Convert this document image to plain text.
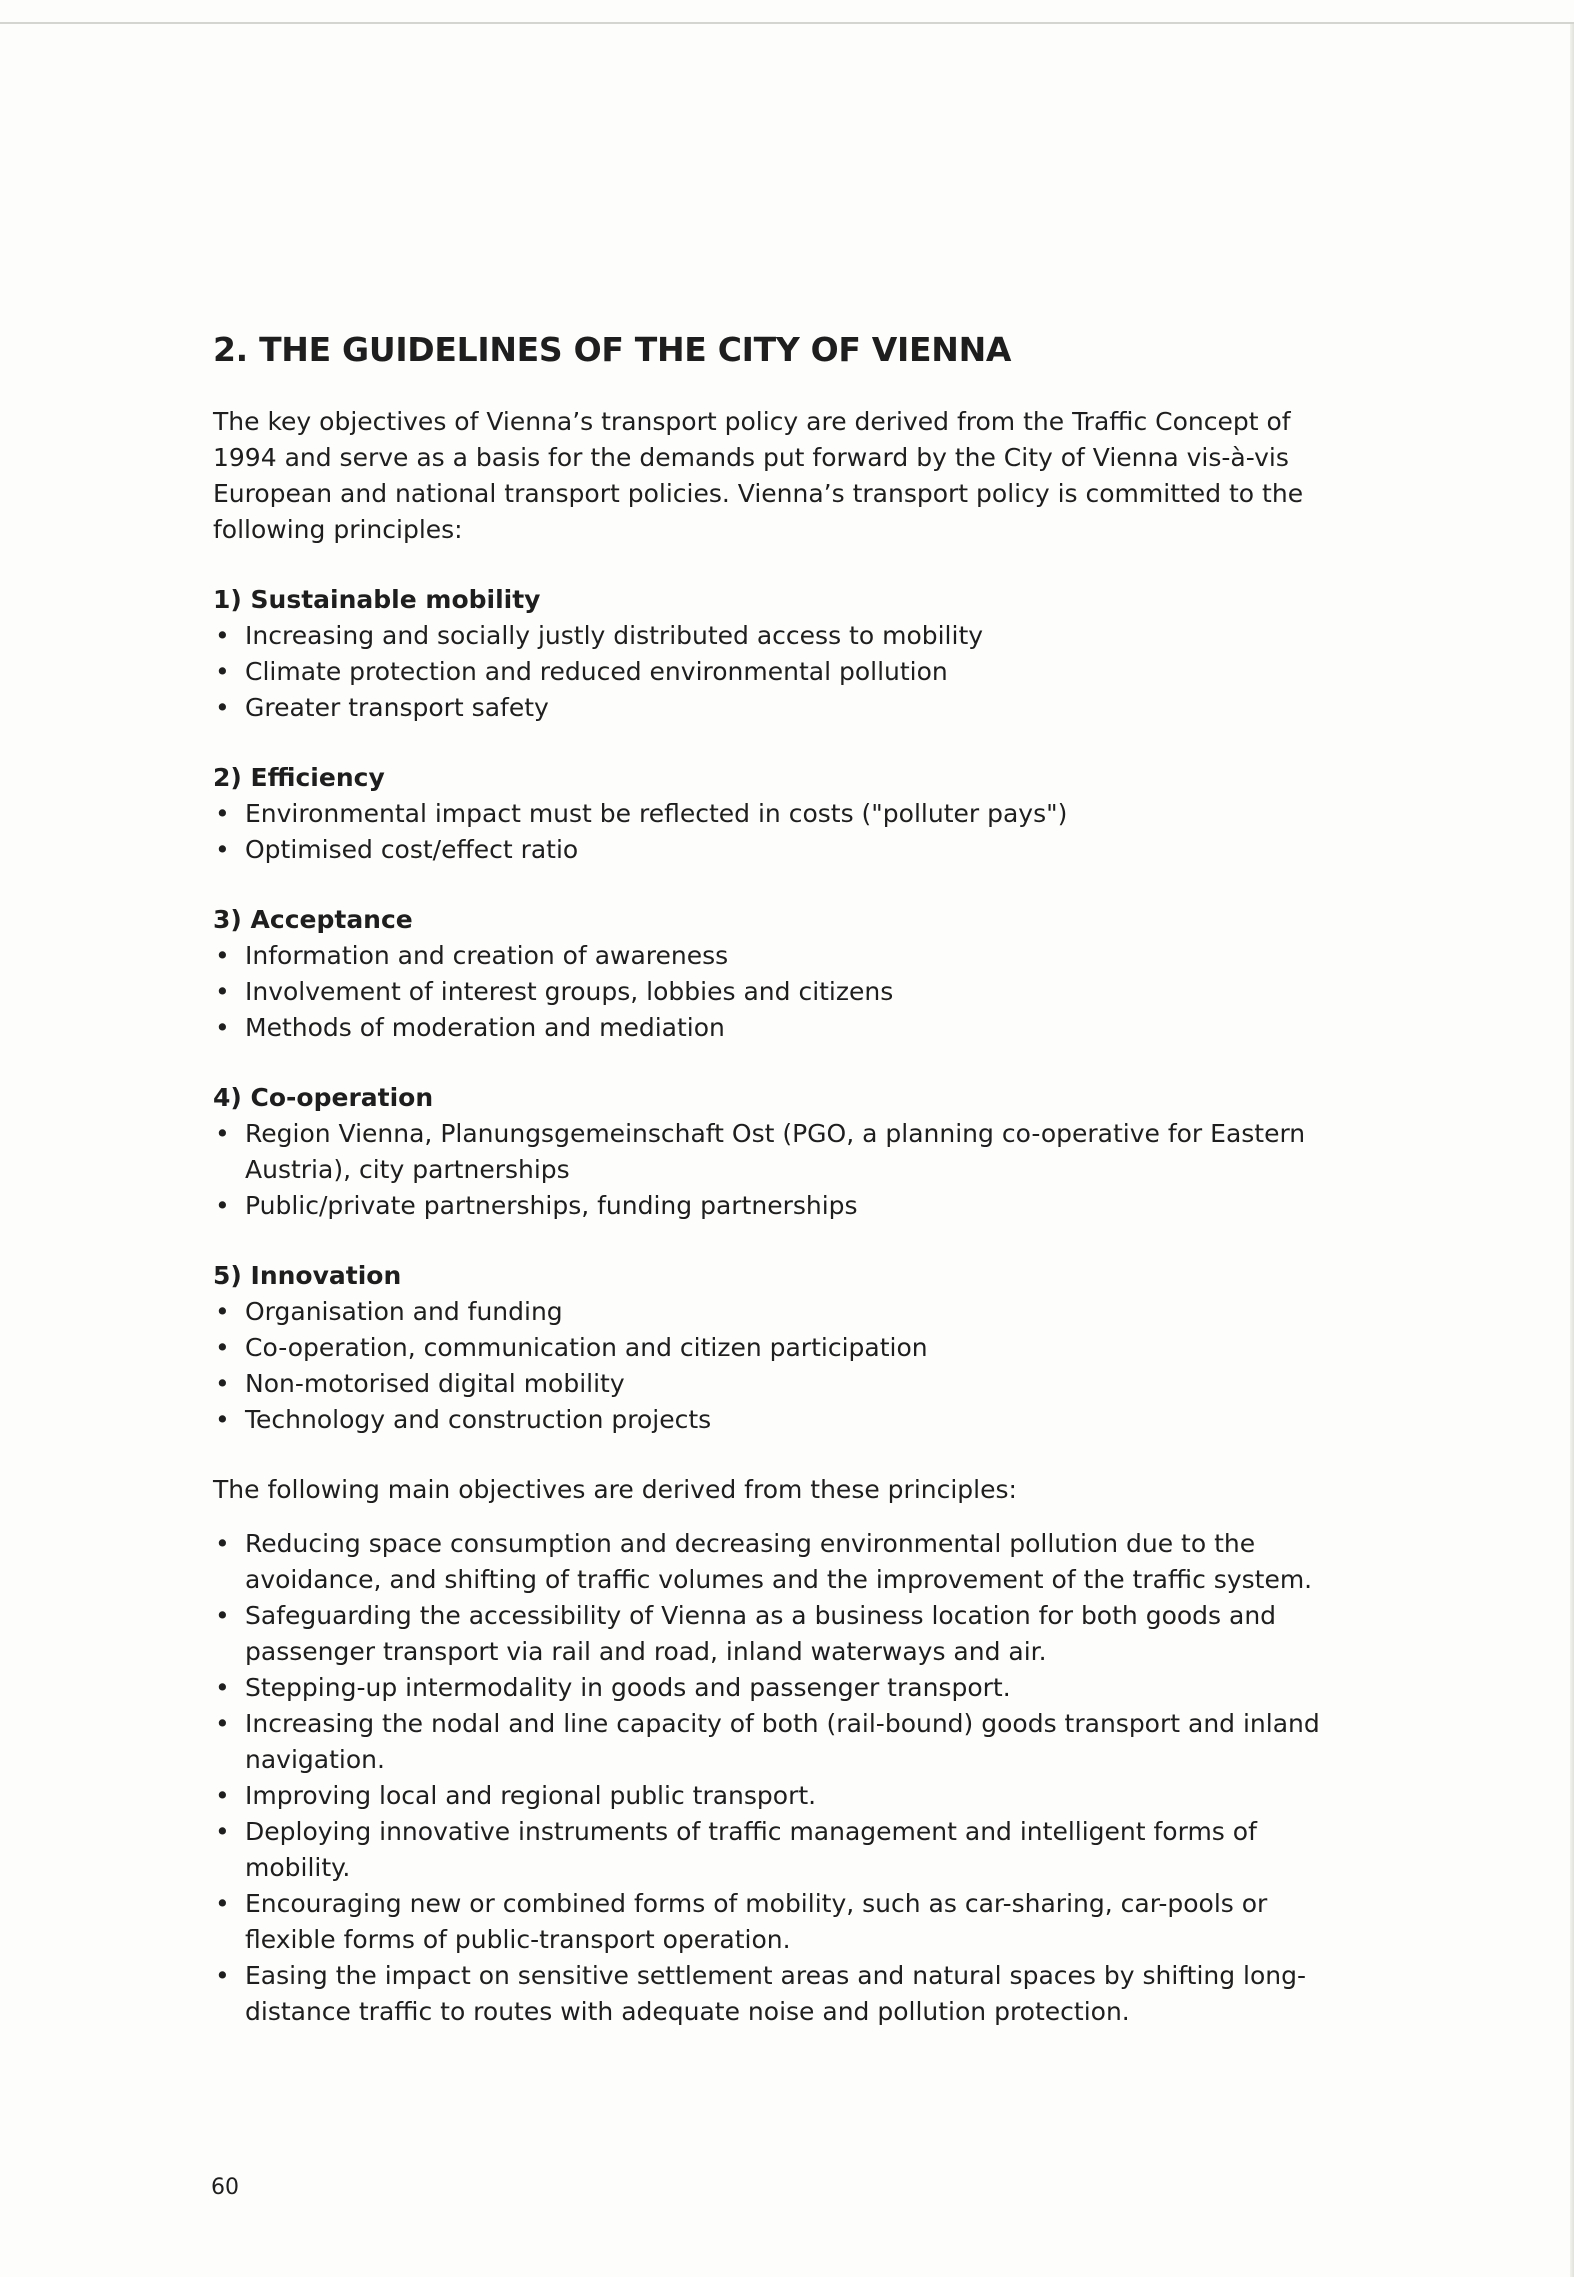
2. THE GUIDELINES OF THE CITY OF VIENNA

The key objectives of Vienna’s transport policy are derived from the Traffic Concept of 1994 and serve as a basis for the demands put forward by the City of Vienna vis-à-vis European and national transport policies. Vienna’s transport policy is committed to the following principles:

1) Sustainable mobility
• Increasing and socially justly distributed access to mobility
• Climate protection and reduced environmental pollution
• Greater transport safety
2) Efficiency
• Environmental impact must be reflected in costs ("polluter pays")
• Optimised cost/effect ratio
3) Acceptance
• Information and creation of awareness
• Involvement of interest groups, lobbies and citizens
• Methods of moderation and mediation
4) Co-operation
• Region Vienna, Planungsgemeinschaft Ost (PGO, a planning co-operative for Eastern Austria), city partnerships
• Public/private partnerships, funding partnerships
5) Innovation
• Organisation and funding
• Co-operation, communication and citizen participation
• Non-motorised digital mobility
• Technology and construction projects

The following main objectives are derived from these principles:

• Reducing space consumption and decreasing environmental pollution due to the avoidance, and shifting of traffic volumes and the improvement of the traffic system.
• Safeguarding the accessibility of Vienna as a business location for both goods and passenger transport via rail and road, inland waterways and air.
• Stepping-up intermodality in goods and passenger transport.
• Increasing the nodal and line capacity of both (rail-bound) goods transport and inland navigation.
• Improving local and regional public transport.
• Deploying innovative instruments of traffic management and intelligent forms of mobility.
• Encouraging new or combined forms of mobility, such as car-sharing, car-pools or flexible forms of public-transport operation.
• Easing the impact on sensitive settlement areas and natural spaces by shifting long-distance traffic to routes with adequate noise and pollution protection.
60
